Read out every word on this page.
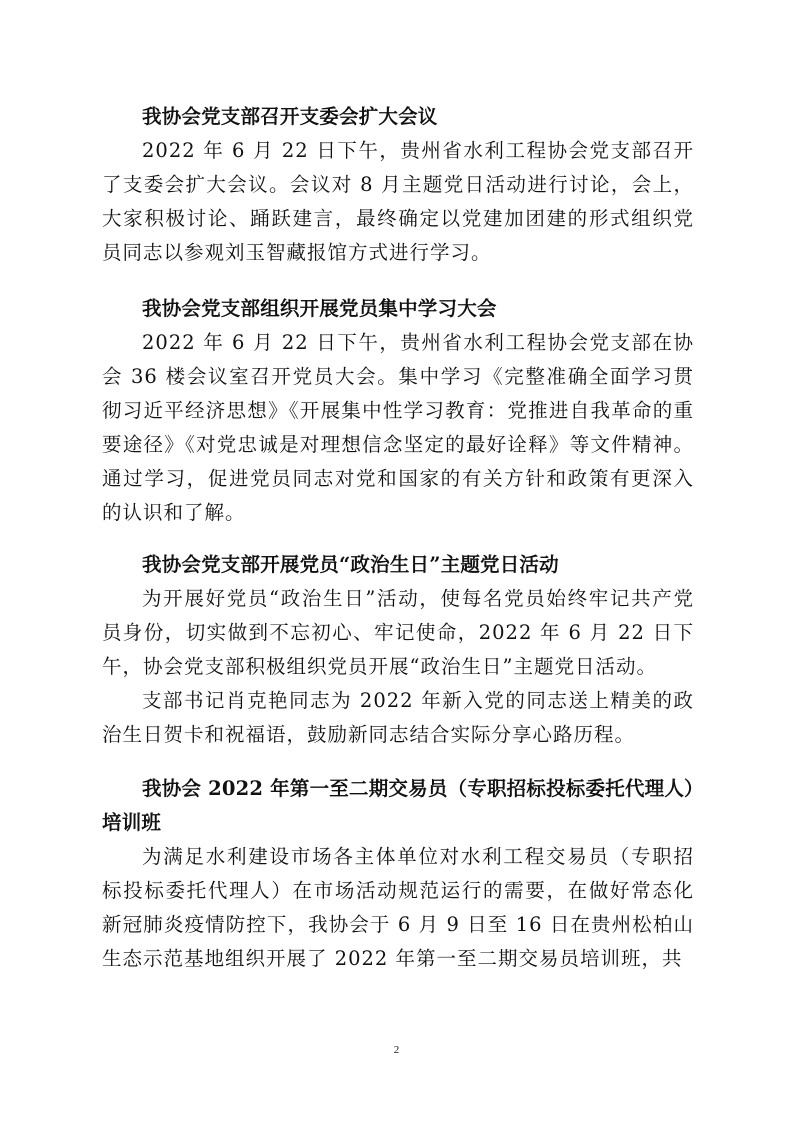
我协会党支部召开支委会扩大会议

2022 年 6 月 22 日下午，贵州省水利工程协会党支部召开了支委会扩大会议。会议对 8 月主题党日活动进行讨论，会上，大家积极讨论、踊跃建言，最终确定以党建加团建的形式组织党员同志以参观刘玉智藏报馆方式进行学习。

我协会党支部组织开展党员集中学习大会

2022 年 6 月 22 日下午，贵州省水利工程协会党支部在协会 36 楼会议室召开党员大会。集中学习《完整准确全面学习贯彻习近平经济思想》《开展集中性学习教育：党推进自我革命的重要途径》《对党忠诚是对理想信念坚定的最好诠释》等文件精神。通过学习，促进党员同志对党和国家的有关方针和政策有更深入的认识和了解。

我协会党支部开展党员“政治生日”主题党日活动

为开展好党员“政治生日”活动，使每名党员始终牢记共产党员身份，切实做到不忘初心、牢记使命，2022 年 6 月 22 日下午，协会党支部积极组织党员开展“政治生日”主题党日活动。

支部书记肖克艳同志为 2022 年新入党的同志送上精美的政治生日贺卡和祝福语，鼓励新同志结合实际分享心路历程。

我协会 2022 年第一至二期交易员（专职招标投标委托代理人）培训班

为满足水利建设市场各主体单位对水利工程交易员（专职招标投标委托代理人）在市场活动规范运行的需要，在做好常态化新冠肺炎疫情防控下，我协会于 6 月 9 日至 16 日在贵州松柏山生态示范基地组织开展了 2022 年第一至二期交易员培训班，共

2
